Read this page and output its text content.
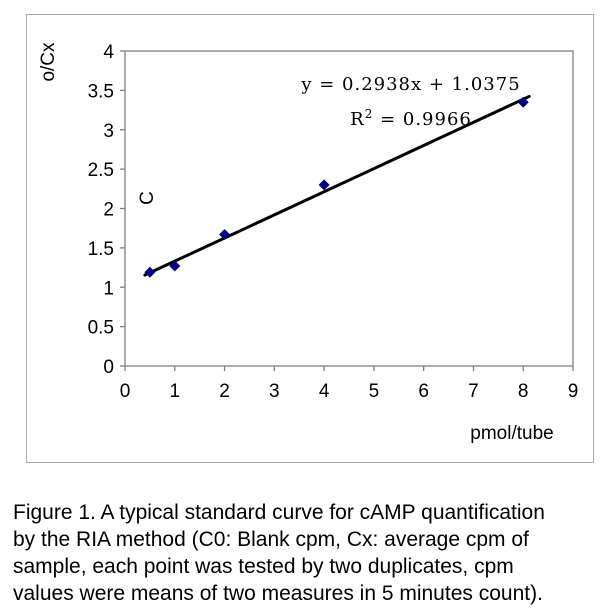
0 1 2 3 4 5 6 7 8 9
0
0.5
1
1.5
2
2.5
3
3.5
4
y = 0.2938x + 1.0375
$R^2 = 0.9966$
pmol/tube
o/Cx
C
Figure 1. A typical standard curve for cAMP quantification
by the RIA method (C0: Blank cpm, Cx: average cpm of
sample, each point was tested by two duplicates, cpm
values were means of two measures in 5 minutes count).
